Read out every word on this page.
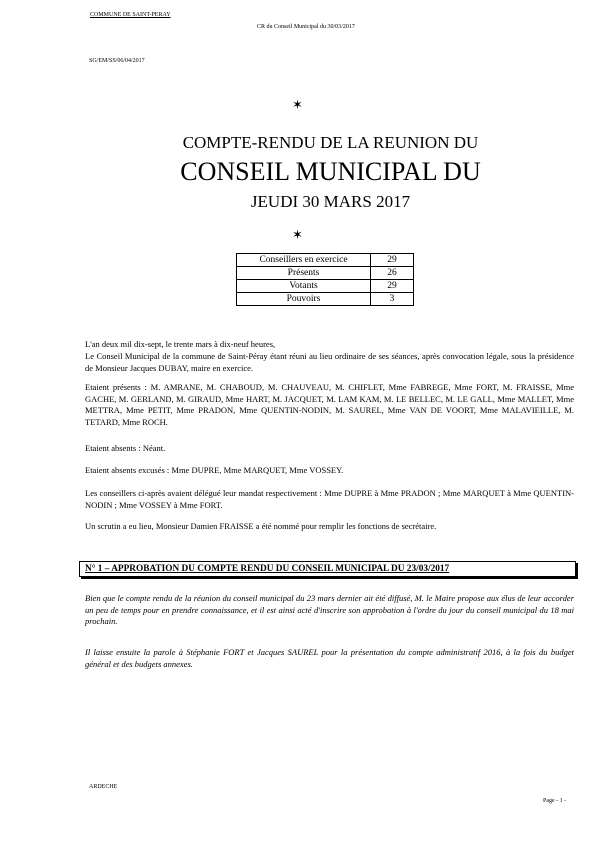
COMMUNE DE SAINT-PERAY
CR du Conseil Municipal du 30/03/2017
SG/EM/SS/06/04/2017
✶
COMPTE-RENDU DE LA REUNION DU
CONSEIL MUNICIPAL DU
JEUDI 30 MARS 2017
✶
Conseillers en exercice	29
Présents	26
Votants	29
Pouvoirs	3
L'an deux mil dix-sept, le trente mars à dix-neuf heures,
Le Conseil Municipal de la commune de Saint-Péray étant réuni au lieu ordinaire de ses séances, après convocation légale, sous la présidence de Monsieur Jacques DUBAY, maire en exercice.
Etaient présents : M. AMRANE, M. CHABOUD, M. CHAUVEAU, M. CHIFLET, Mme FABREGE, Mme FORT, M. FRAISSE, Mme GACHE, M. GERLAND, M. GIRAUD, Mme HART, M. JACQUET, M. LAM KAM, M. LE BELLEC, M. LE GALL, Mme MALLET, Mme METTRA, Mme PETIT, Mme PRADON, Mme QUENTIN-NODIN, M. SAUREL, Mme VAN DE VOORT, Mme MALAVIEILLE, M. TETARD, Mme ROCH.
Etaient absents : Néant.
Etaient absents excusés : Mme DUPRE, Mme MARQUET, Mme VOSSEY.
Les conseillers ci-après avaient délégué leur mandat respectivement : Mme DUPRE à Mme PRADON ; Mme MARQUET à Mme QUENTIN-NODIN ; Mme VOSSEY à Mme FORT.
Un scrutin a eu lieu, Monsieur Damien FRAISSE a été nommé pour remplir les fonctions de secrétaire.
N° 1 – APPROBATION DU COMPTE RENDU DU CONSEIL MUNICIPAL DU 23/03/2017
Bien que le compte rendu de la réunion du conseil municipal du 23 mars dernier ait été diffusé, M. le Maire propose aux élus de leur accorder un peu de temps pour en prendre connaissance, et il est ainsi acté d'inscrire son approbation à l'ordre du jour du conseil municipal du 18 mai prochain.
Il laisse ensuite la parole à Stéphanie FORT et Jacques SAUREL pour la présentation du compte administratif 2016, à la fois du budget général et des budgets annexes.
ARDECHE
Page - 1 -
